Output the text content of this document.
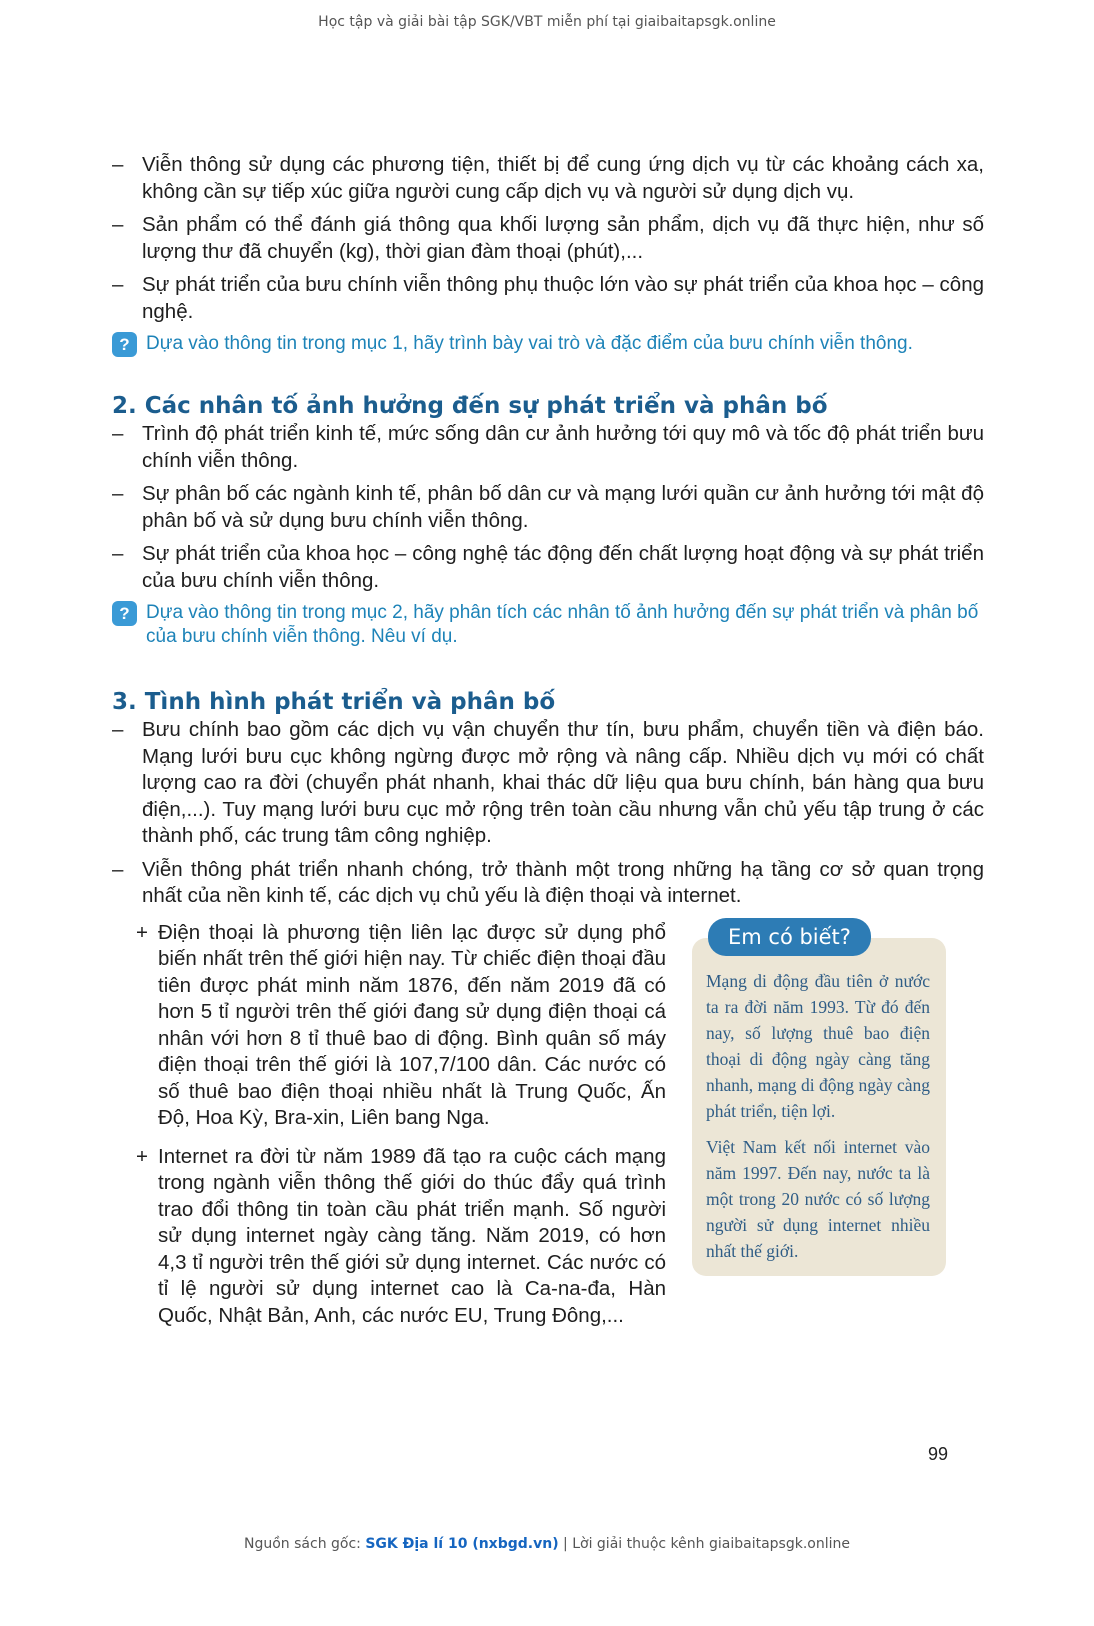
Học tập và giải bài tập SGK/VBT miễn phí tại giaibaitapsgk.online
– Viễn thông sử dụng các phương tiện, thiết bị để cung ứng dịch vụ từ các khoảng cách xa, không cần sự tiếp xúc giữa người cung cấp dịch vụ và người sử dụng dịch vụ.
– Sản phẩm có thể đánh giá thông qua khối lượng sản phẩm, dịch vụ đã thực hiện, như số lượng thư đã chuyển (kg), thời gian đàm thoại (phút),...
– Sự phát triển của bưu chính viễn thông phụ thuộc lớn vào sự phát triển của khoa học – công nghệ.
? Dựa vào thông tin trong mục 1, hãy trình bày vai trò và đặc điểm của bưu chính viễn thông.
2. Các nhân tố ảnh hưởng đến sự phát triển và phân bố
– Trình độ phát triển kinh tế, mức sống dân cư ảnh hưởng tới quy mô và tốc độ phát triển bưu chính viễn thông.
– Sự phân bố các ngành kinh tế, phân bố dân cư và mạng lưới quần cư ảnh hưởng tới mật độ phân bố và sử dụng bưu chính viễn thông.
– Sự phát triển của khoa học – công nghệ tác động đến chất lượng hoạt động và sự phát triển của bưu chính viễn thông.
? Dựa vào thông tin trong mục 2, hãy phân tích các nhân tố ảnh hưởng đến sự phát triển và phân bố của bưu chính viễn thông. Nêu ví dụ.
3. Tình hình phát triển và phân bố
– Bưu chính bao gồm các dịch vụ vận chuyển thư tín, bưu phẩm, chuyển tiền và điện báo. Mạng lưới bưu cục không ngừng được mở rộng và nâng cấp. Nhiều dịch vụ mới có chất lượng cao ra đời (chuyển phát nhanh, khai thác dữ liệu qua bưu chính, bán hàng qua bưu điện,...). Tuy mạng lưới bưu cục mở rộng trên toàn cầu nhưng vẫn chủ yếu tập trung ở các thành phố, các trung tâm công nghiệp.
– Viễn thông phát triển nhanh chóng, trở thành một trong những hạ tầng cơ sở quan trọng nhất của nền kinh tế, các dịch vụ chủ yếu là điện thoại và internet.
+ Điện thoại là phương tiện liên lạc được sử dụng phổ biến nhất trên thế giới hiện nay. Từ chiếc điện thoại đầu tiên được phát minh năm 1876, đến năm 2019 đã có hơn 5 tỉ người trên thế giới đang sử dụng điện thoại cá nhân với hơn 8 tỉ thuê bao di động. Bình quân số máy điện thoại trên thế giới là 107,7/100 dân. Các nước có số thuê bao điện thoại nhiều nhất là Trung Quốc, Ấn Độ, Hoa Kỳ, Bra-xin, Liên bang Nga.
+ Internet ra đời từ năm 1989 đã tạo ra cuộc cách mạng trong ngành viễn thông thế giới do thúc đẩy quá trình trao đổi thông tin toàn cầu phát triển mạnh. Số người sử dụng internet ngày càng tăng. Năm 2019, có hơn 4,3 tỉ người trên thế giới sử dụng internet. Các nước có tỉ lệ người sử dụng internet cao là Ca-na-đa, Hàn Quốc, Nhật Bản, Anh, các nước EU, Trung Đông,...
Em có biết?

Mạng di động đầu tiên ở nước ta ra đời năm 1993. Từ đó đến nay, số lượng thuê bao điện thoại di động ngày càng tăng nhanh, mạng di động ngày càng phát triển, tiện lợi.

Việt Nam kết nối internet vào năm 1997. Đến nay, nước ta là một trong 20 nước có số lượng người sử dụng internet nhiều nhất thế giới.

99
Nguồn sách gốc: SGK Địa lí 10 (nxbgd.vn) | Lời giải thuộc kênh giaibaitapsgk.online
